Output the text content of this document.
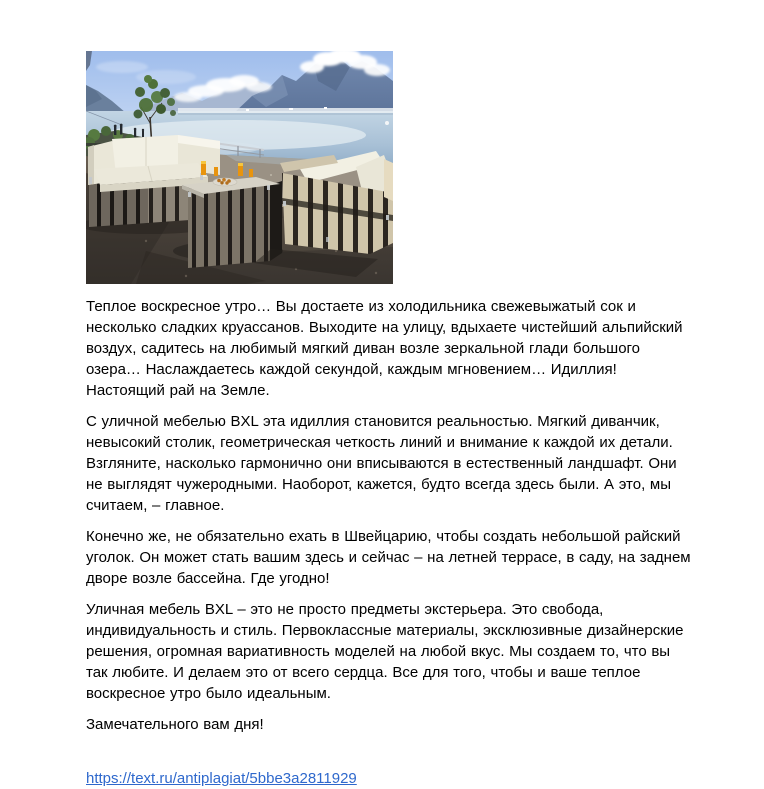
Теплое воскресное утро… Вы достаете из холодильника свежевыжатый сок и несколько сладких круассанов. Выходите на улицу, вдыхаете чистейший альпийский воздух, садитесь на любимый мягкий диван возле зеркальной глади большого озера… Наслаждаетесь каждой секундой, каждым мгновением… Идиллия! Настоящий рай на Земле.

С уличной мебелью BXL эта идиллия становится реальностью. Мягкий диванчик, невысокий столик, геометрическая четкость линий и внимание к каждой их детали. Взгляните, насколько гармонично они вписываются в естественный ландшафт. Они не выглядят чужеродными. Наоборот, кажется, будто всегда здесь были. А это, мы считаем, – главное.

Конечно же, не обязательно ехать в Швейцарию, чтобы создать небольшой райский уголок. Он может стать вашим здесь и сейчас – на летней террасе, в саду, на заднем дворе возле бассейна. Где угодно!

Уличная мебель BXL – это не просто предметы экстерьера. Это свобода, индивидуальность и стиль. Первоклассные материалы, эксклюзивные дизайнерские решения, огромная вариативность моделей на любой вкус. Мы создаем то, что вы так любите. И делаем это от всего сердца. Все для того, чтобы и ваше теплое воскресное утро было идеальным.

Замечательного вам дня!

https://text.ru/antiplagiat/5bbe3a2811929
